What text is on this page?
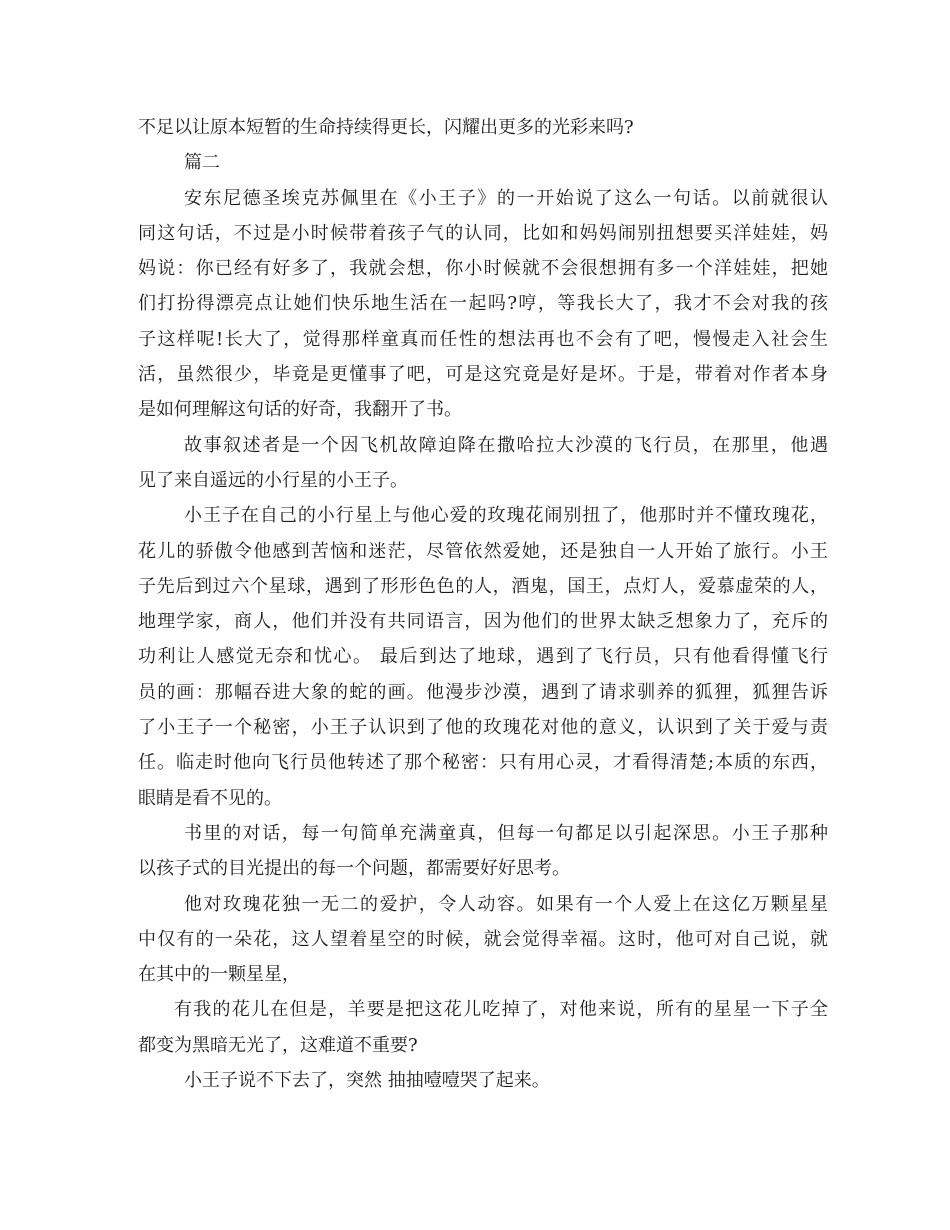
不足以让原本短暂的生命持续得更长，闪耀出更多的光彩来吗?

篇二

安东尼德圣埃克苏佩里在《小王子》的一开始说了这么一句话。以前就很认

同这句话，不过是小时候带着孩子气的认同，比如和妈妈闹别扭想要买洋娃娃，妈

妈说：你已经有好多了，我就会想，你小时候就不会很想拥有多一个洋娃娃，把她

们打扮得漂亮点让她们快乐地生活在一起吗?哼，等我长大了，我才不会对我的孩

子这样呢!长大了，觉得那样童真而任性的想法再也不会有了吧，慢慢走入社会生

活，虽然很少，毕竟是更懂事了吧，可是这究竟是好是坏。于是，带着对作者本身

是如何理解这句话的好奇，我翻开了书。

故事叙述者是一个因飞机故障迫降在撒哈拉大沙漠的飞行员，在那里，他遇

见了来自遥远的小行星的小王子。

小王子在自己的小行星上与他心爱的玫瑰花闹别扭了，他那时并不懂玫瑰花，

花儿的骄傲令他感到苦恼和迷茫，尽管依然爱她，还是独自一人开始了旅行。小王

子先后到过六个星球，遇到了形形色色的人，酒鬼，国王，点灯人，爱慕虚荣的人，

地理学家，商人，他们并没有共同语言，因为他们的世界太缺乏想象力了，充斥的

功利让人感觉无奈和忧心。 最后到达了地球，遇到了飞行员，只有他看得懂飞行

员的画：那幅吞进大象的蛇的画。他漫步沙漠，遇到了请求驯养的狐狸，狐狸告诉

了小王子一个秘密，小王子认识到了他的玫瑰花对他的意义，认识到了关于爱与责

任。临走时他向飞行员他转述了那个秘密：只有用心灵，才看得清楚;本质的东西，

眼睛是看不见的。

书里的对话，每一句简单充满童真，但每一句都足以引起深思。小王子那种

以孩子式的目光提出的每一个问题，都需要好好思考。

他对玫瑰花独一无二的爱护，令人动容。如果有一个人爱上在这亿万颗星星

中仅有的一朵花，这人望着星空的时候，就会觉得幸福。这时，他可对自己说，就

在其中的一颗星星，

有我的花儿在但是，羊要是把这花儿吃掉了，对他来说，所有的星星一下子全

都变为黑暗无光了，这难道不重要?

小王子说不下去了，突然 抽抽噎噎哭了起来。
